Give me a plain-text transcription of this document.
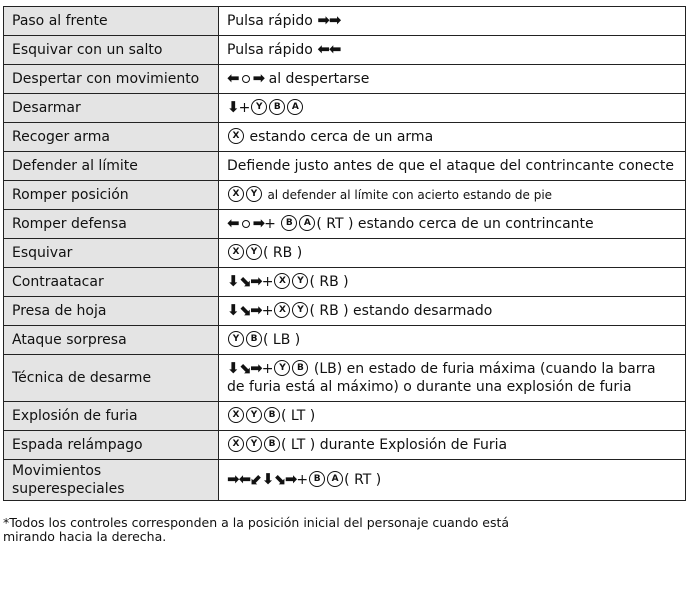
Paso al frente	Pulsa rápido ➡➡
Esquivar con un salto	Pulsa rápido ⬅⬅
Despertar con movimiento	⬅ ➡ al despertarse
Desarmar	⬇+ Y B A
Recoger arma	X estando cerca de un arma
Defender al límite	Defiende justo antes de que el ataque del contrincante conecte
Romper posición	X Y al defender al límite con acierto estando de pie
Romper defensa	⬅ ➡+ B A ( RT ) estando cerca de un contrincante
Esquivar	X Y ( RB )
Contraatacar	⬇⬊➡+ X Y ( RB )
Presa de hoja	⬇⬊➡+ X Y ( RB ) estando desarmado
Ataque sorpresa	Y B ( LB )
Técnica de desarme	⬇⬊➡+ Y B (LB) en estado de furia máxima (cuando la barra de furia está al máximo) o durante una explosión de furia
Explosión de furia	X Y B ( LT )
Espada relámpago	X Y B ( LT ) durante Explosión de Furia
Movimientos superespeciales	➡⬅⬋⬇⬊➡+ B A ( RT )
*Todos los controles corresponden a la posición inicial del personaje cuando está
mirando hacia la derecha.
